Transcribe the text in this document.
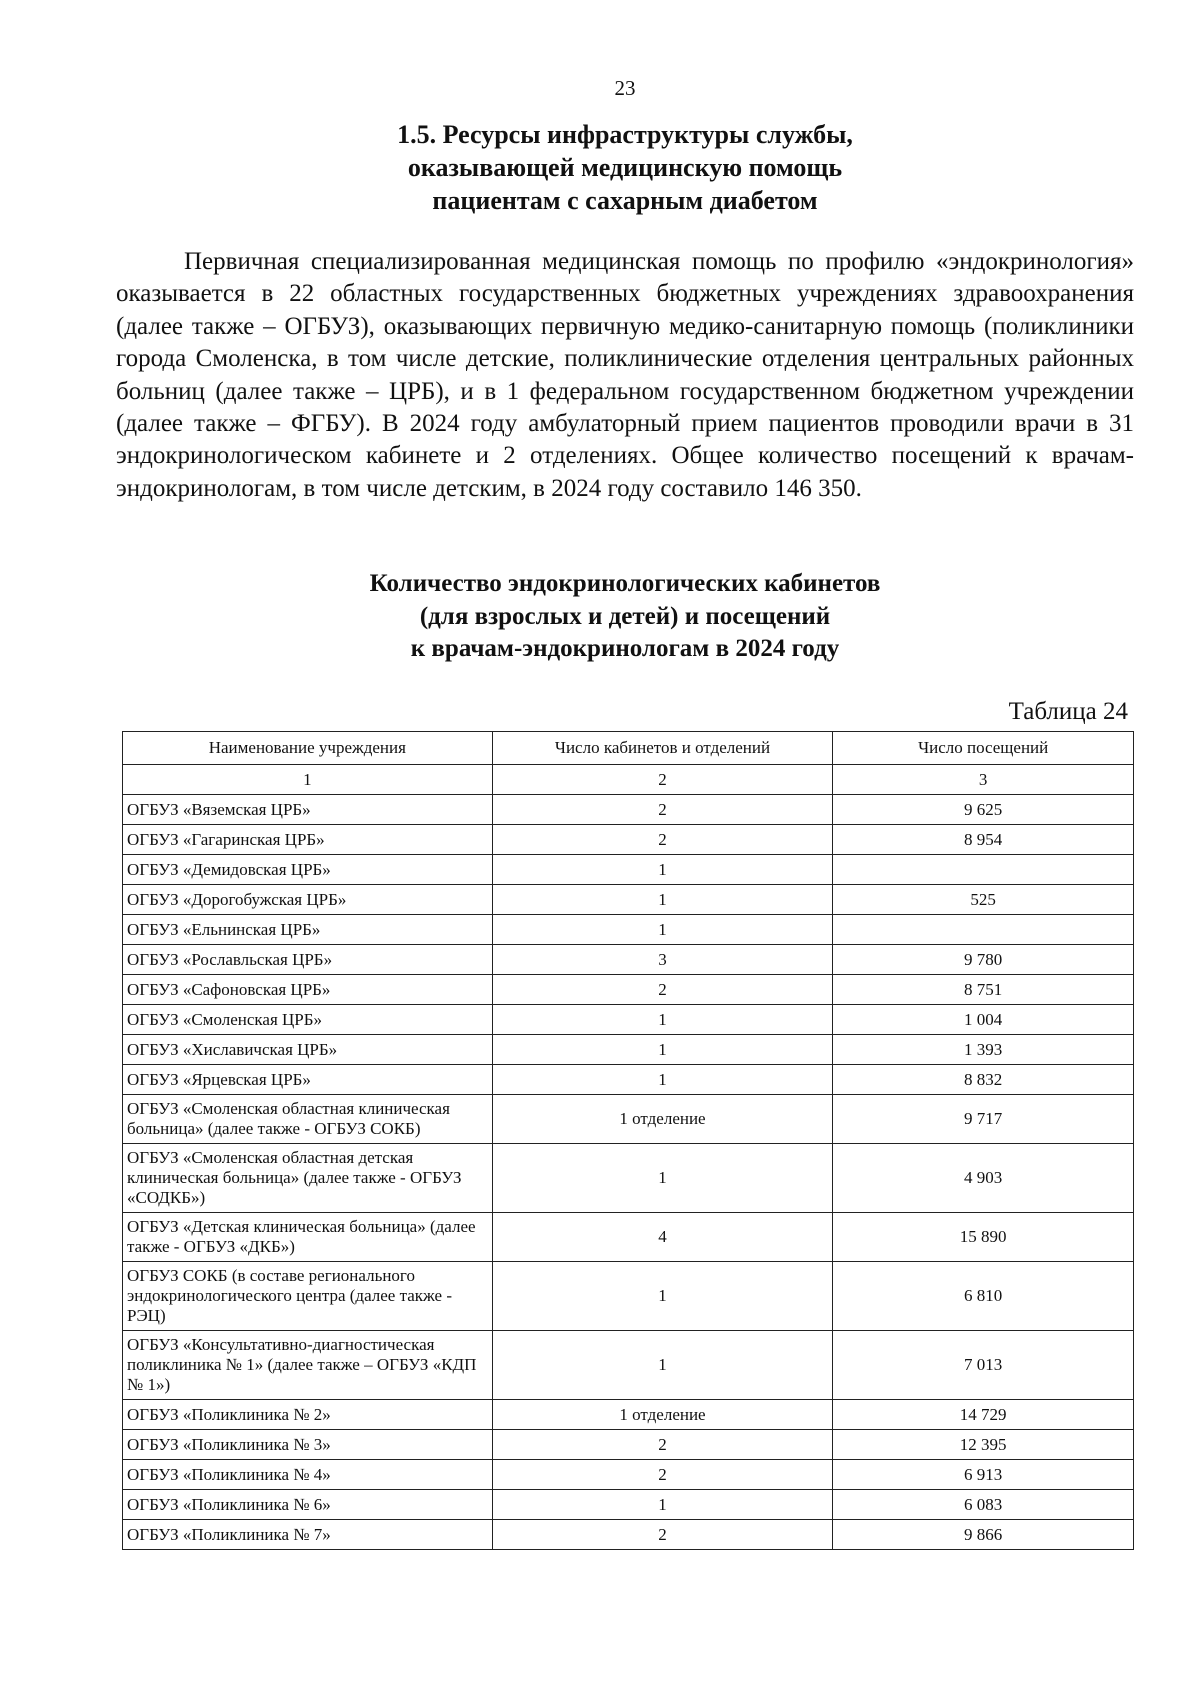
23
1.5. Ресурсы инфраструктуры службы,
оказывающей медицинскую помощь
пациентам с сахарным диабетом
Первичная специализированная медицинская помощь по профилю «эндокринология» оказывается в 22 областных государственных бюджетных учреждениях здравоохранения (далее также – ОГБУЗ), оказывающих первичную медико-санитарную помощь (поликлиники города Смоленска, в том числе детские, поликлинические отделения центральных районных больниц (далее также – ЦРБ), и в 1 федеральном государственном бюджетном учреждении (далее также – ФГБУ). В 2024 году амбулаторный прием пациентов проводили врачи в 31 эндокринологическом кабинете и 2 отделениях. Общее количество посещений к врачам-эндокринологам, в том числе детским, в 2024 году составило 146 350.
Количество эндокринологических кабинетов
(для взрослых и детей) и посещений
к врачам-эндокринологам в 2024 году
Таблица 24
Наименование учреждения	Число кабинетов и отделений	Число посещений
1	2	3
ОГБУЗ «Вяземская ЦРБ»	2	9 625
ОГБУЗ «Гагаринская ЦРБ»	2	8 954
ОГБУЗ «Демидовская ЦРБ»	1	
ОГБУЗ «Дорогобужская ЦРБ»	1	525
ОГБУЗ «Ельнинская ЦРБ»	1	
ОГБУЗ «Рославльская ЦРБ»	3	9 780
ОГБУЗ «Сафоновская ЦРБ»	2	8 751
ОГБУЗ «Смоленская ЦРБ»	1	1 004
ОГБУЗ «Хиславичская ЦРБ»	1	1 393
ОГБУЗ «Ярцевская ЦРБ»	1	8 832
ОГБУЗ «Смоленская областная клиническая больница» (далее также - ОГБУЗ СОКБ)	1 отделение	9 717
ОГБУЗ «Смоленская областная детская клиническая больница» (далее также - ОГБУЗ «СОДКБ»)	1	4 903
ОГБУЗ «Детская клиническая больница» (далее также - ОГБУЗ «ДКБ»)	4	15 890
ОГБУЗ СОКБ (в составе регионального эндокринологического центра (далее также - РЭЦ)	1	6 810
ОГБУЗ «Консультативно-диагностическая поликлиника № 1» (далее также – ОГБУЗ «КДП № 1»)	1	7 013
ОГБУЗ «Поликлиника № 2»	1 отделение	14 729
ОГБУЗ «Поликлиника № 3»	2	12 395
ОГБУЗ «Поликлиника № 4»	2	6 913
ОГБУЗ «Поликлиника № 6»	1	6 083
ОГБУЗ «Поликлиника № 7»	2	9 866
